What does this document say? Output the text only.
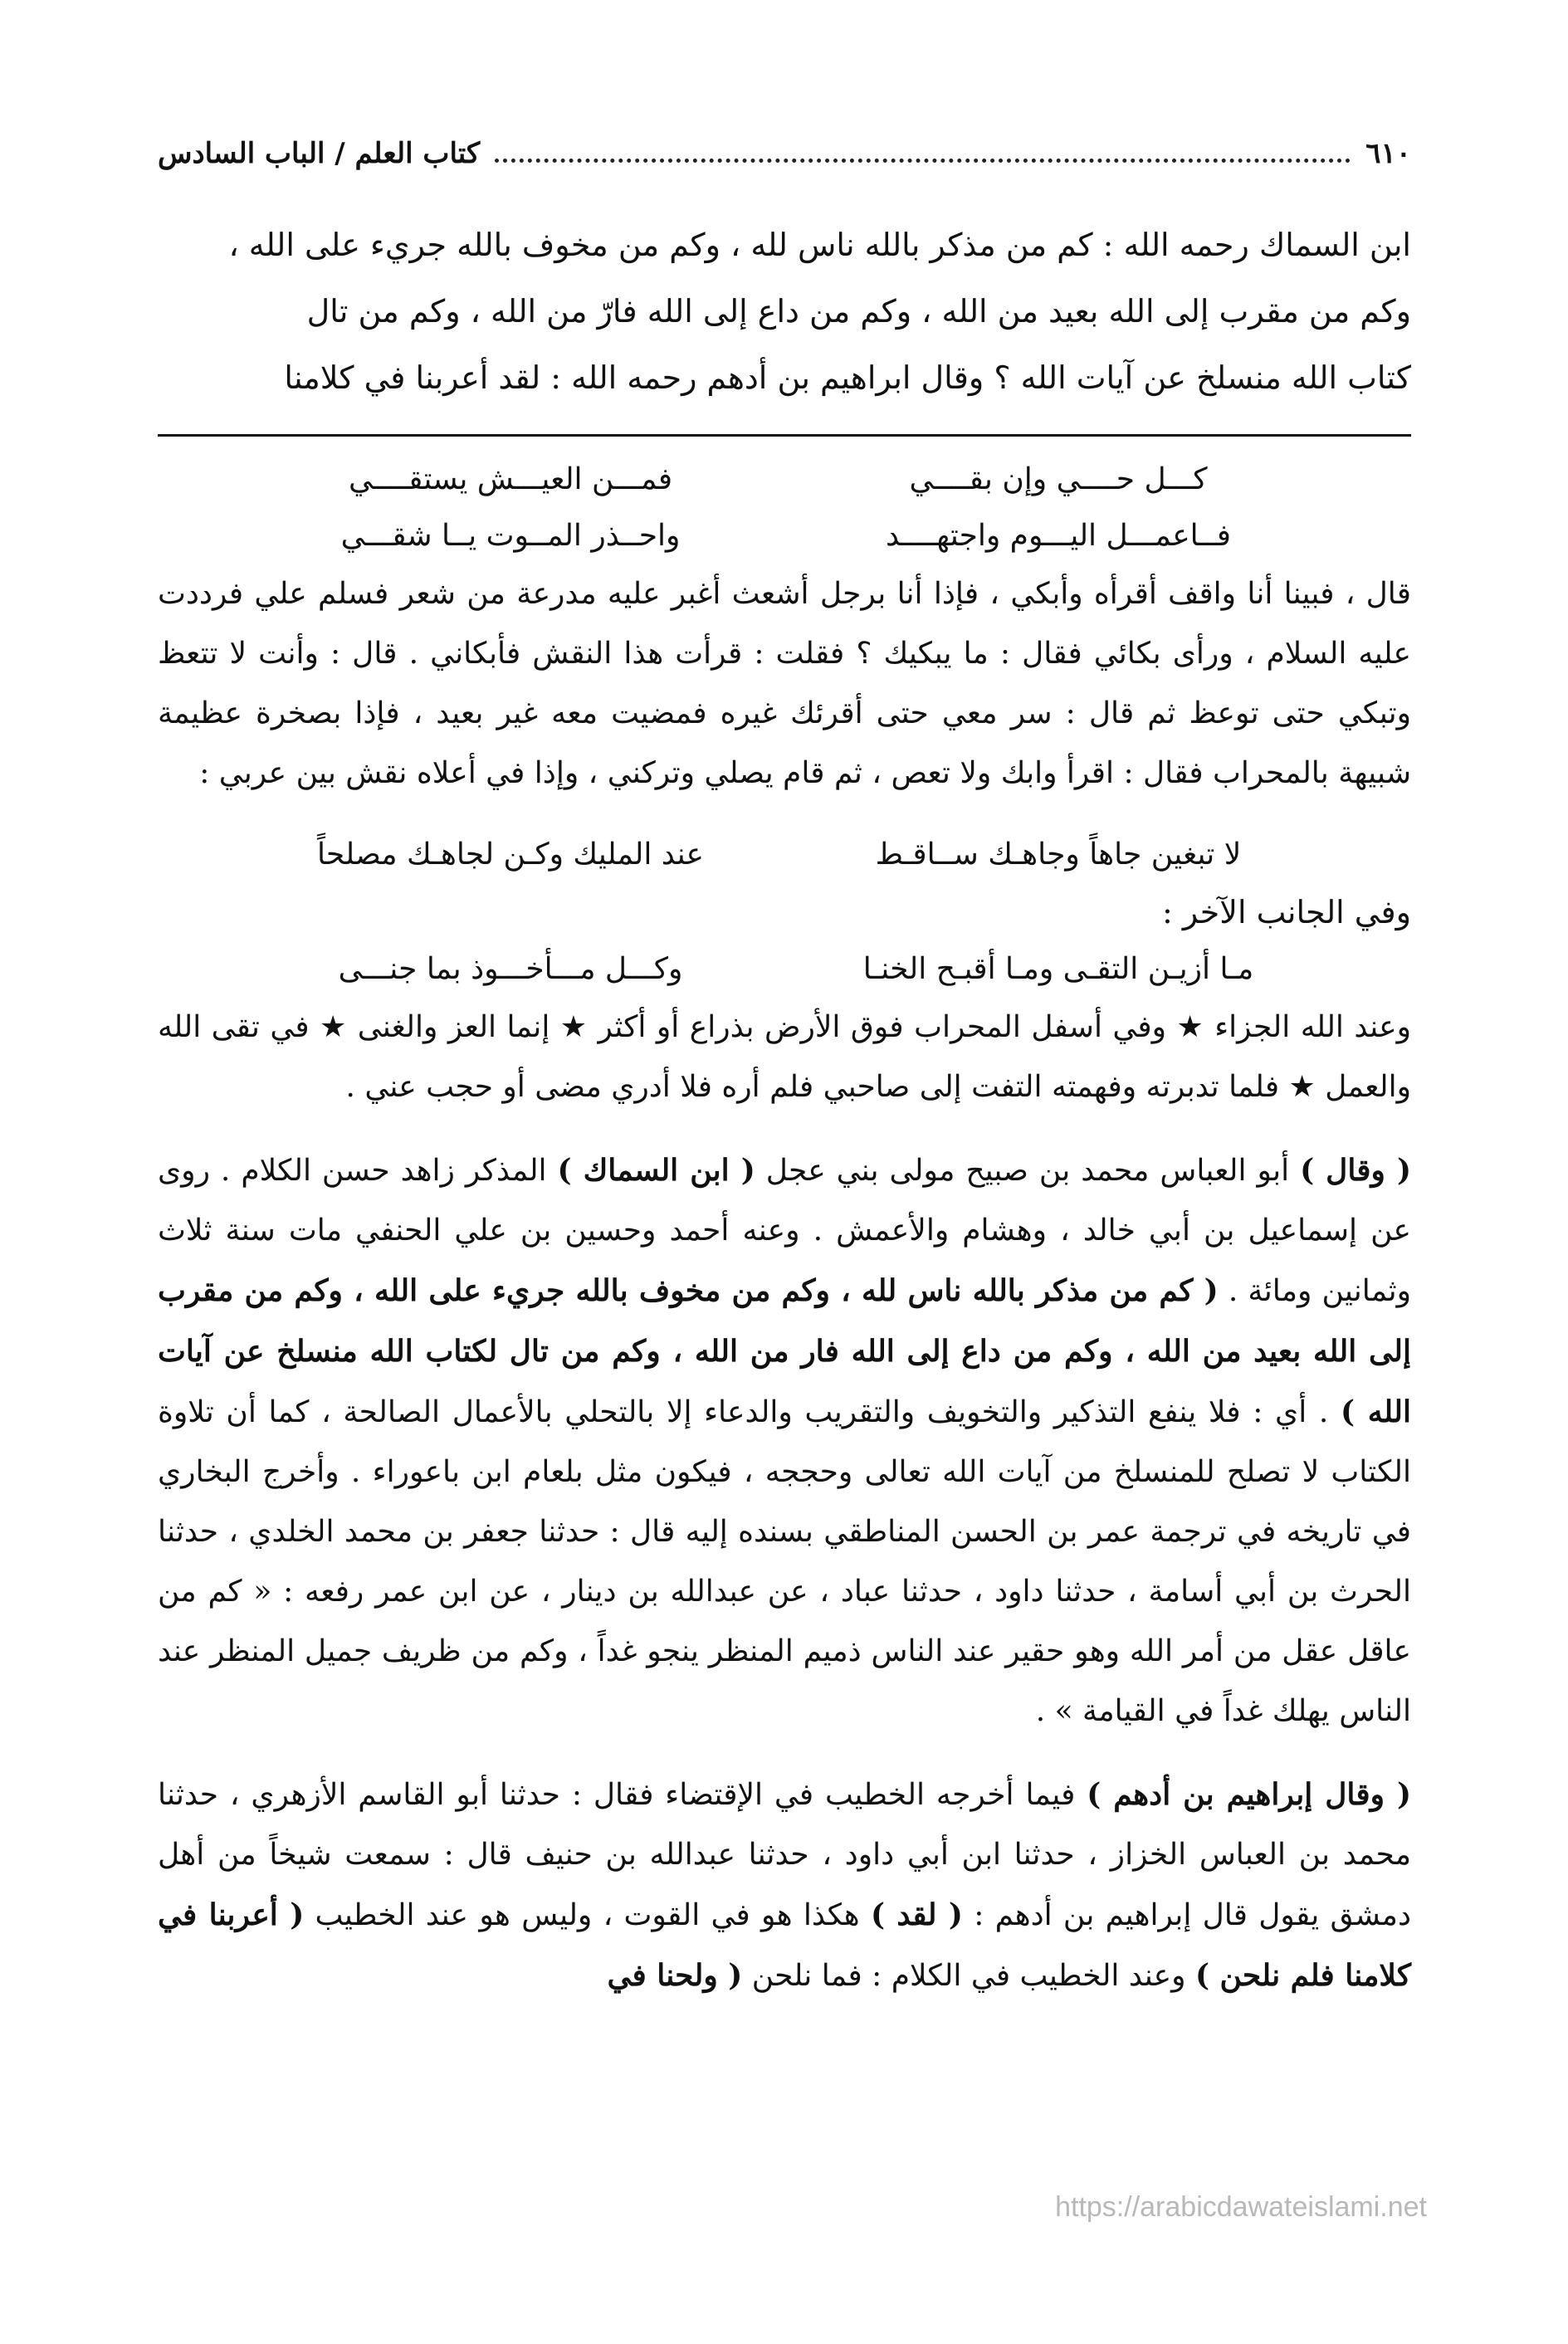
٦١٠
كتاب العلم / الباب السادس
ابن السماك رحمه الله : كم من مذكر بالله ناس لله ، وكم من مخوف بالله جريء على الله ،
وكم من مقرب إلى الله بعيد من الله ، وكم من داع إلى الله فارّ من الله ، وكم من تال
كتاب الله منسلخ عن آيات الله ؟ وقال ابراهيم بن أدهم رحمه الله : لقد أعربنا في كلامنا
كـــل حــــي وإن بقــــي
فمـــن العيـــش يستقــــي
فــاعمـــل اليـــوم واجتهــــد
واحــذر المــوت يــا شقـــي

قال ، فبينا أنا واقف أقرأه وأبكي ، فإذا أنا برجل أشعث أغبر عليه مدرعة من شعر فسلم علي فرددت عليه السلام ، ورأى بكائي فقال : ما يبكيك ؟ فقلت : قرأت هذا النقش فأبكاني . قال : وأنت لا تتعظ وتبكي حتى توعظ ثم قال : سر معي حتى أقرئك غيره فمضيت معه غير بعيد ، فإذا بصخرة عظيمة شبيهة بالمحراب فقال : اقرأ وابك ولا تعص ، ثم قام يصلي وتركني ، وإذا في أعلاه نقش بين عربي :

لا تبغين جاهاً وجاهـك ســاقـط
عند المليك وكـن لجاهـك مصلحاً
وفي الجانب الآخر :
مـا أزيـن التقـى ومـا أقبـح الخنـا
وكـــل مـــأخـــوذ بما جنـــى

وعند الله الجزاء ★ وفي أسفل المحراب فوق الأرض بذراع أو أكثر ★ إنما العز والغنى ★ في تقى الله والعمل ★ فلما تدبرته وفهمته التفت إلى صاحبي فلم أره فلا أدري مضى أو حجب عني .

( وقال ) أبو العباس محمد بن صبيح مولى بني عجل ( ابن السماك ) المذكر زاهد حسن الكلام . روى عن إسماعيل بن أبي خالد ، وهشام والأعمش . وعنه أحمد وحسين بن علي الحنفي مات سنة ثلاث وثمانين ومائة . ( كم من مذكر بالله ناس لله ، وكم من مخوف بالله جريء على الله ، وكم من مقرب إلى الله بعيد من الله ، وكم من داع إلى الله فار من الله ، وكم من تال لكتاب الله منسلخ عن آيات الله ) . أي : فلا ينفع التذكير والتخويف والتقريب والدعاء إلا بالتحلي بالأعمال الصالحة ، كما أن تلاوة الكتاب لا تصلح للمنسلخ من آيات الله تعالى وحججه ، فيكون مثل بلعام ابن باعوراء . وأخرج البخاري في تاريخه في ترجمة عمر بن الحسن المناطقي بسنده إليه قال : حدثنا جعفر بن محمد الخلدي ، حدثنا الحرث بن أبي أسامة ، حدثنا داود ، حدثنا عباد ، عن عبدالله بن دينار ، عن ابن عمر رفعه : « كم من عاقل عقل من أمر الله وهو حقير عند الناس ذميم المنظر ينجو غداً ، وكم من ظريف جميل المنظر عند الناس يهلك غداً في القيامة » .

( وقال إبراهيم بن أدهم ) فيما أخرجه الخطيب في الإقتضاء فقال : حدثنا أبو القاسم الأزهري ، حدثنا محمد بن العباس الخزاز ، حدثنا ابن أبي داود ، حدثنا عبدالله بن حنيف قال : سمعت شيخاً من أهل دمشق يقول قال إبراهيم بن أدهم : ( لقد ) هكذا هو في القوت ، وليس هو عند الخطيب ( أعربنا في كلامنا فلم نلحن ) وعند الخطيب في الكلام : فما نلحن ( ولحنا في

https://arabicdawateislami.net
